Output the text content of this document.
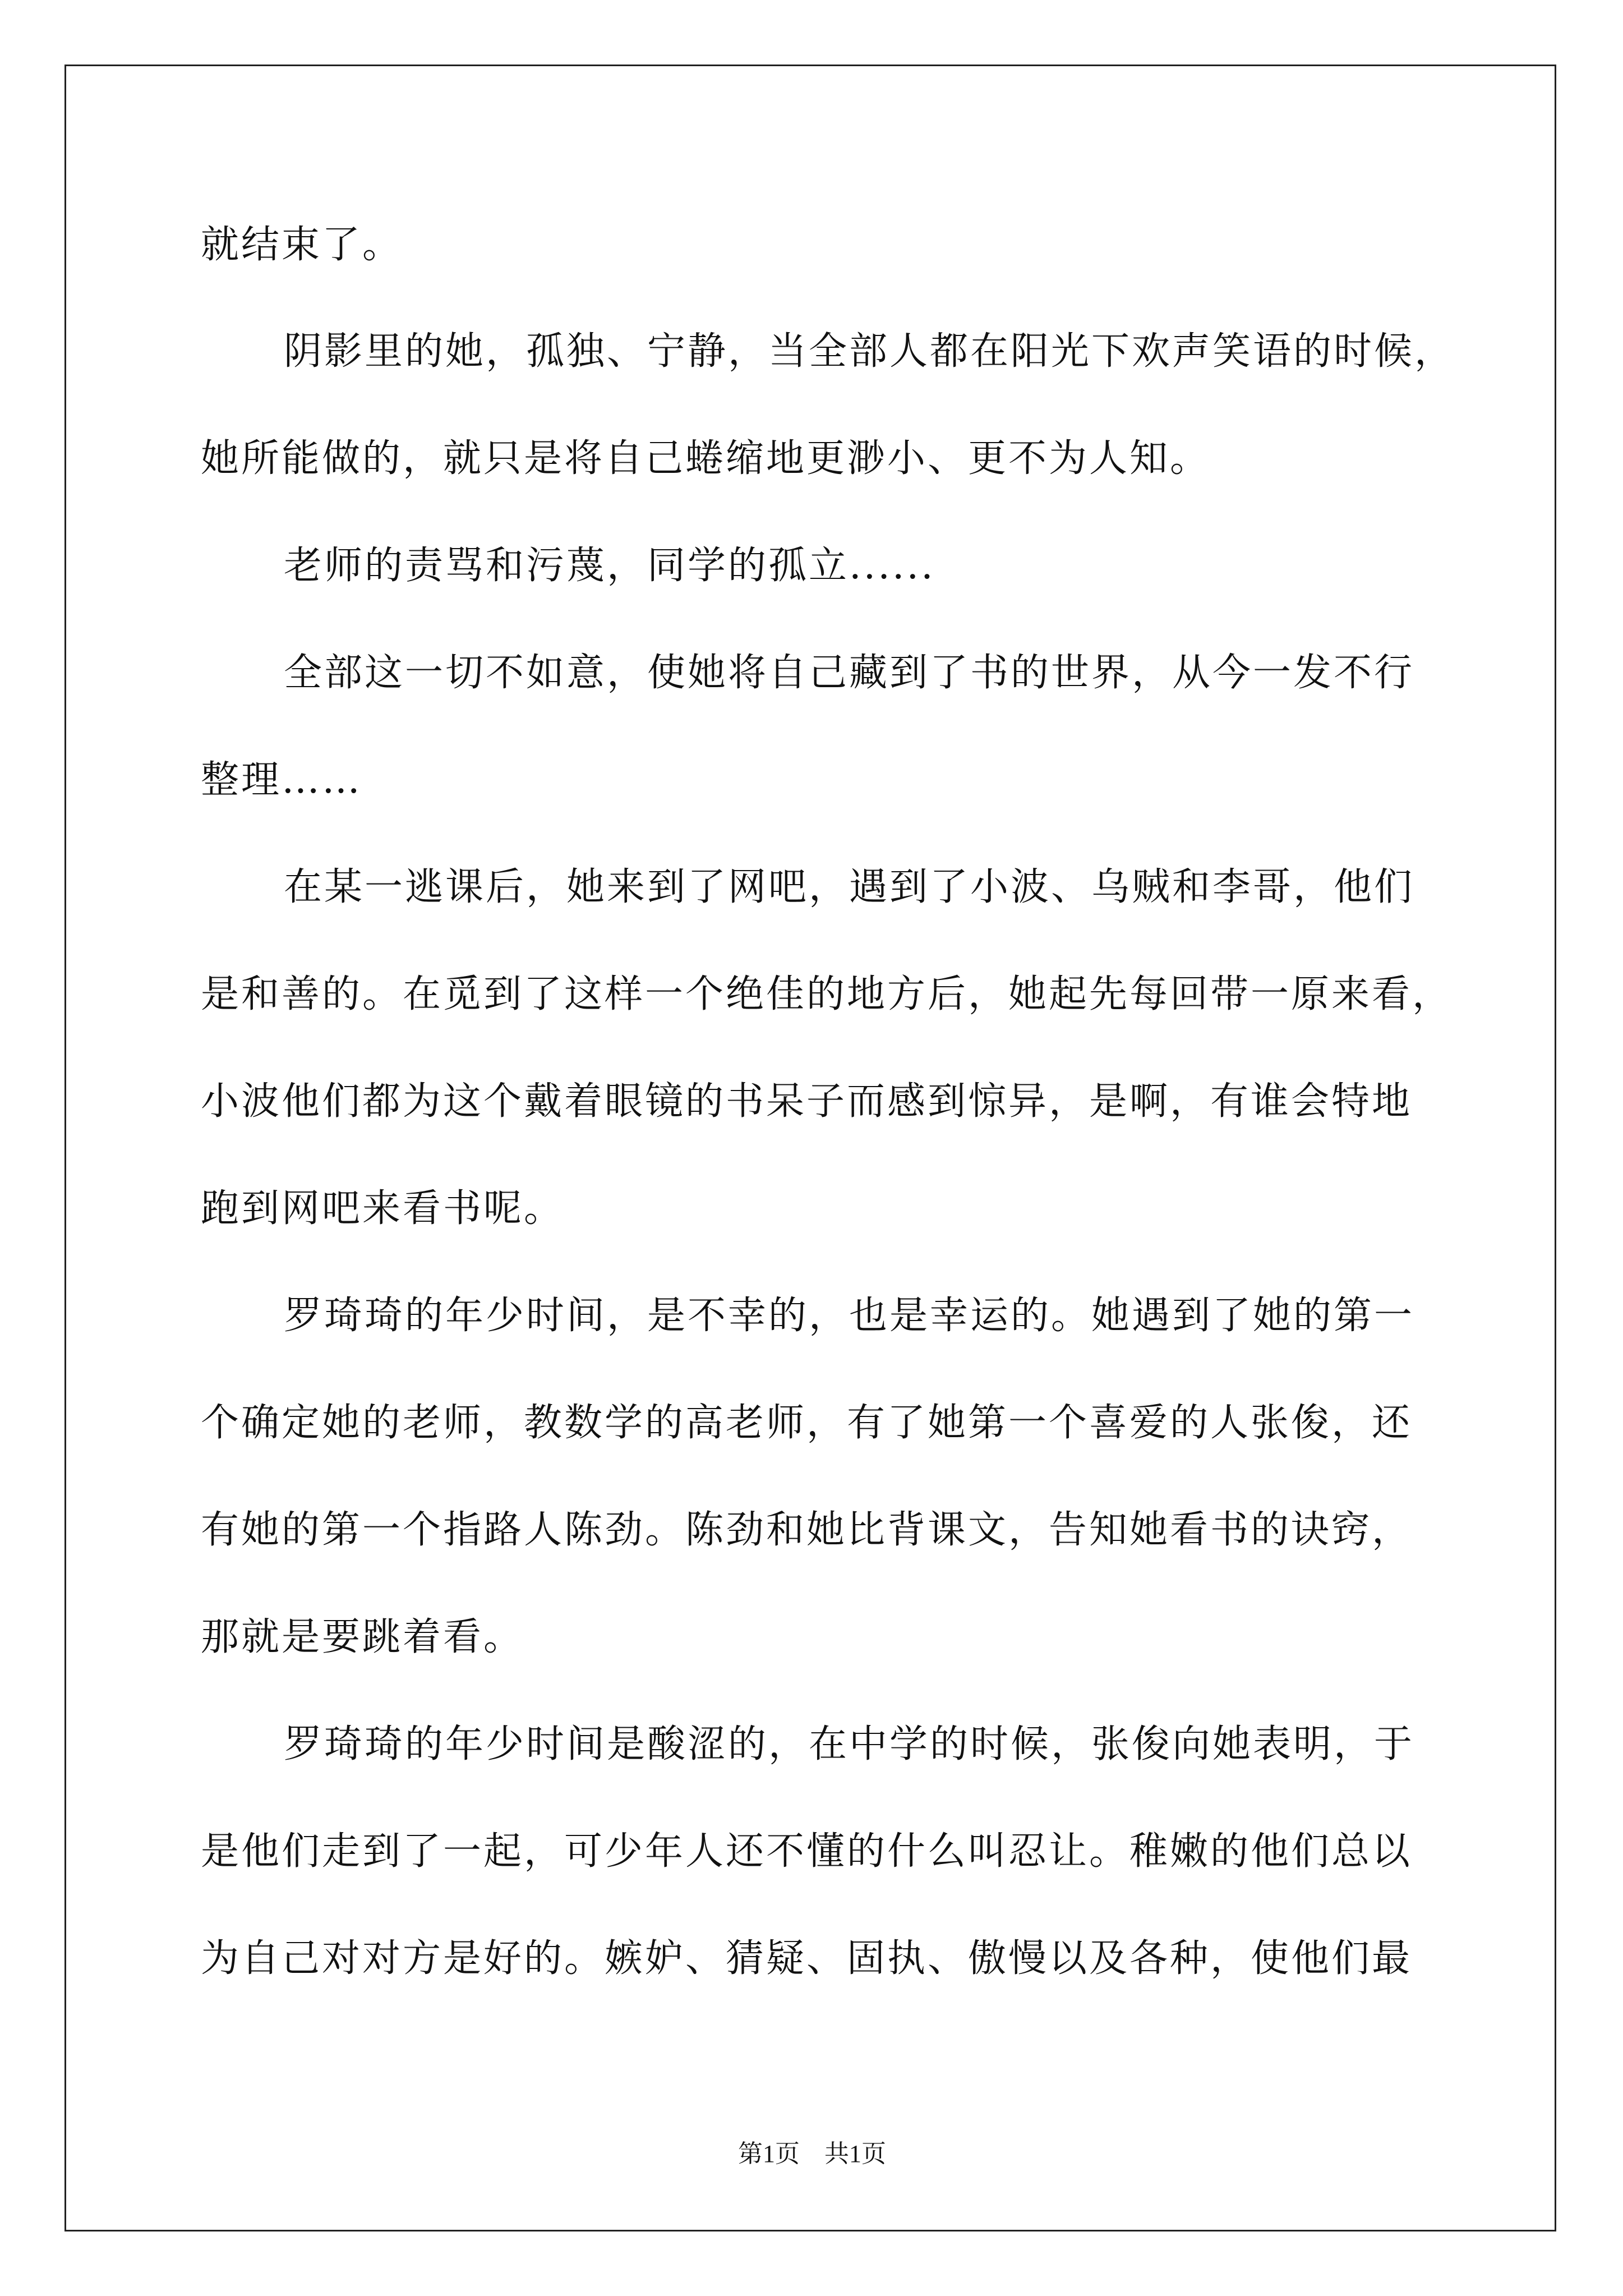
就结束了。
阴影里的她，孤独、宁静，当全部人都在阳光下欢声笑语的时候，
她所能做的，就只是将自己蜷缩地更渺小、更不为人知。
老师的责骂和污蔑，同学的孤立......
全部这一切不如意，使她将自己藏到了书的世界，从今一发不行
整理……
在某一逃课后，她来到了网吧，遇到了小波、乌贼和李哥，他们
是和善的。在觅到了这样一个绝佳的地方后，她起先每回带一原来看，
小波他们都为这个戴着眼镜的书呆子而感到惊异，是啊，有谁会特地
跑到网吧来看书呢。
罗琦琦的年少时间，是不幸的，也是幸运的。她遇到了她的第一
个确定她的老师，教数学的高老师，有了她第一个喜爱的人张俊，还
有她的第一个指路人陈劲。陈劲和她比背课文，告知她看书的诀窍，
那就是要跳着看。
罗琦琦的年少时间是酸涩的，在中学的时候，张俊向她表明，于
是他们走到了一起，可少年人还不懂的什么叫忍让。稚嫩的他们总以
为自己对对方是好的。嫉妒、猜疑、固执、傲慢以及各种，使他们最
第1页　共1页
